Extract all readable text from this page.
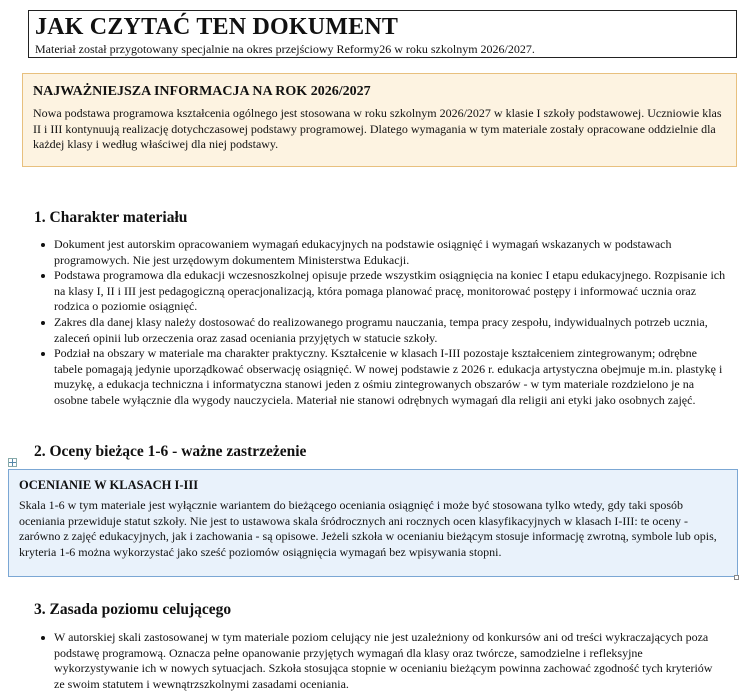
JAK CZYTAĆ TEN DOKUMENT

Materiał został przygotowany specjalnie na okres przejściowy Reformy26 w roku szkolnym 2026/2027.

NAJWAŻNIEJSZA INFORMACJA NA ROK 2026/2027

Nowa podstawa programowa kształcenia ogólnego jest stosowana w roku szkolnym 2026/2027 w klasie I szkoły podstawowej. Uczniowie klas II i III kontynuują realizację dotychczasowej podstawy programowej. Dlatego wymagania w tym materiale zostały opracowane oddzielnie dla każdej klasy i według właściwej dla niej podstawy.

1. Charakter materiału
Dokument jest autorskim opracowaniem wymagań edukacyjnych na podstawie osiągnięć i wymagań wskazanych w podstawach programowych. Nie jest urzędowym dokumentem Ministerstwa Edukacji.
Podstawa programowa dla edukacji wczesnoszkolnej opisuje przede wszystkim osiągnięcia na koniec I etapu edukacyjnego. Rozpisanie ich na klasy I, II i III jest pedagogiczną operacjonalizacją, która pomaga planować pracę, monitorować postępy i informować ucznia oraz rodzica o poziomie osiągnięć.
Zakres dla danej klasy należy dostosować do realizowanego programu nauczania, tempa pracy zespołu, indywidualnych potrzeb ucznia, zaleceń opinii lub orzeczenia oraz zasad oceniania przyjętych w statucie szkoły.
Podział na obszary w materiale ma charakter praktyczny. Kształcenie w klasach I-III pozostaje kształceniem zintegrowanym; odrębne tabele pomagają jedynie uporządkować obserwację osiągnięć. W nowej podstawie z 2026 r. edukacja artystyczna obejmuje m.in. plastykę i muzykę, a edukacja techniczna i informatyczna stanowi jeden z ośmiu zintegrowanych obszarów - w tym materiale rozdzielono je na osobne tabele wyłącznie dla wygody nauczyciela. Materiał nie stanowi odrębnych wymagań dla religii ani etyki jako osobnych zajęć.
2. Oceny bieżące 1-6 - ważne zastrzeżenie
OCENIANIE W KLASACH I-III

Skala 1-6 w tym materiale jest wyłącznie wariantem do bieżącego oceniania osiągnięć i może być stosowana tylko wtedy, gdy taki sposób oceniania przewiduje statut szkoły. Nie jest to ustawowa skala śródrocznych ani rocznych ocen klasyfikacyjnych w klasach I-III: te oceny - zarówno z zajęć edukacyjnych, jak i zachowania - są opisowe. Jeżeli szkoła w ocenianiu bieżącym stosuje informację zwrotną, symbole lub opis, kryteria 1-6 można wykorzystać jako sześć poziomów osiągnięcia wymagań bez wpisywania stopni.

3. Zasada poziomu celującego
W autorskiej skali zastosowanej w tym materiale poziom celujący nie jest uzależniony od konkursów ani od treści wykraczających poza podstawę programową. Oznacza pełne opanowanie przyjętych wymagań dla klasy oraz twórcze, samodzielne i refleksyjne wykorzystywanie ich w nowych sytuacjach. Szkoła stosująca stopnie w ocenianiu bieżącym powinna zachować zgodność tych kryteriów ze swoim statutem i wewnątrzszkolnymi zasadami oceniania.
